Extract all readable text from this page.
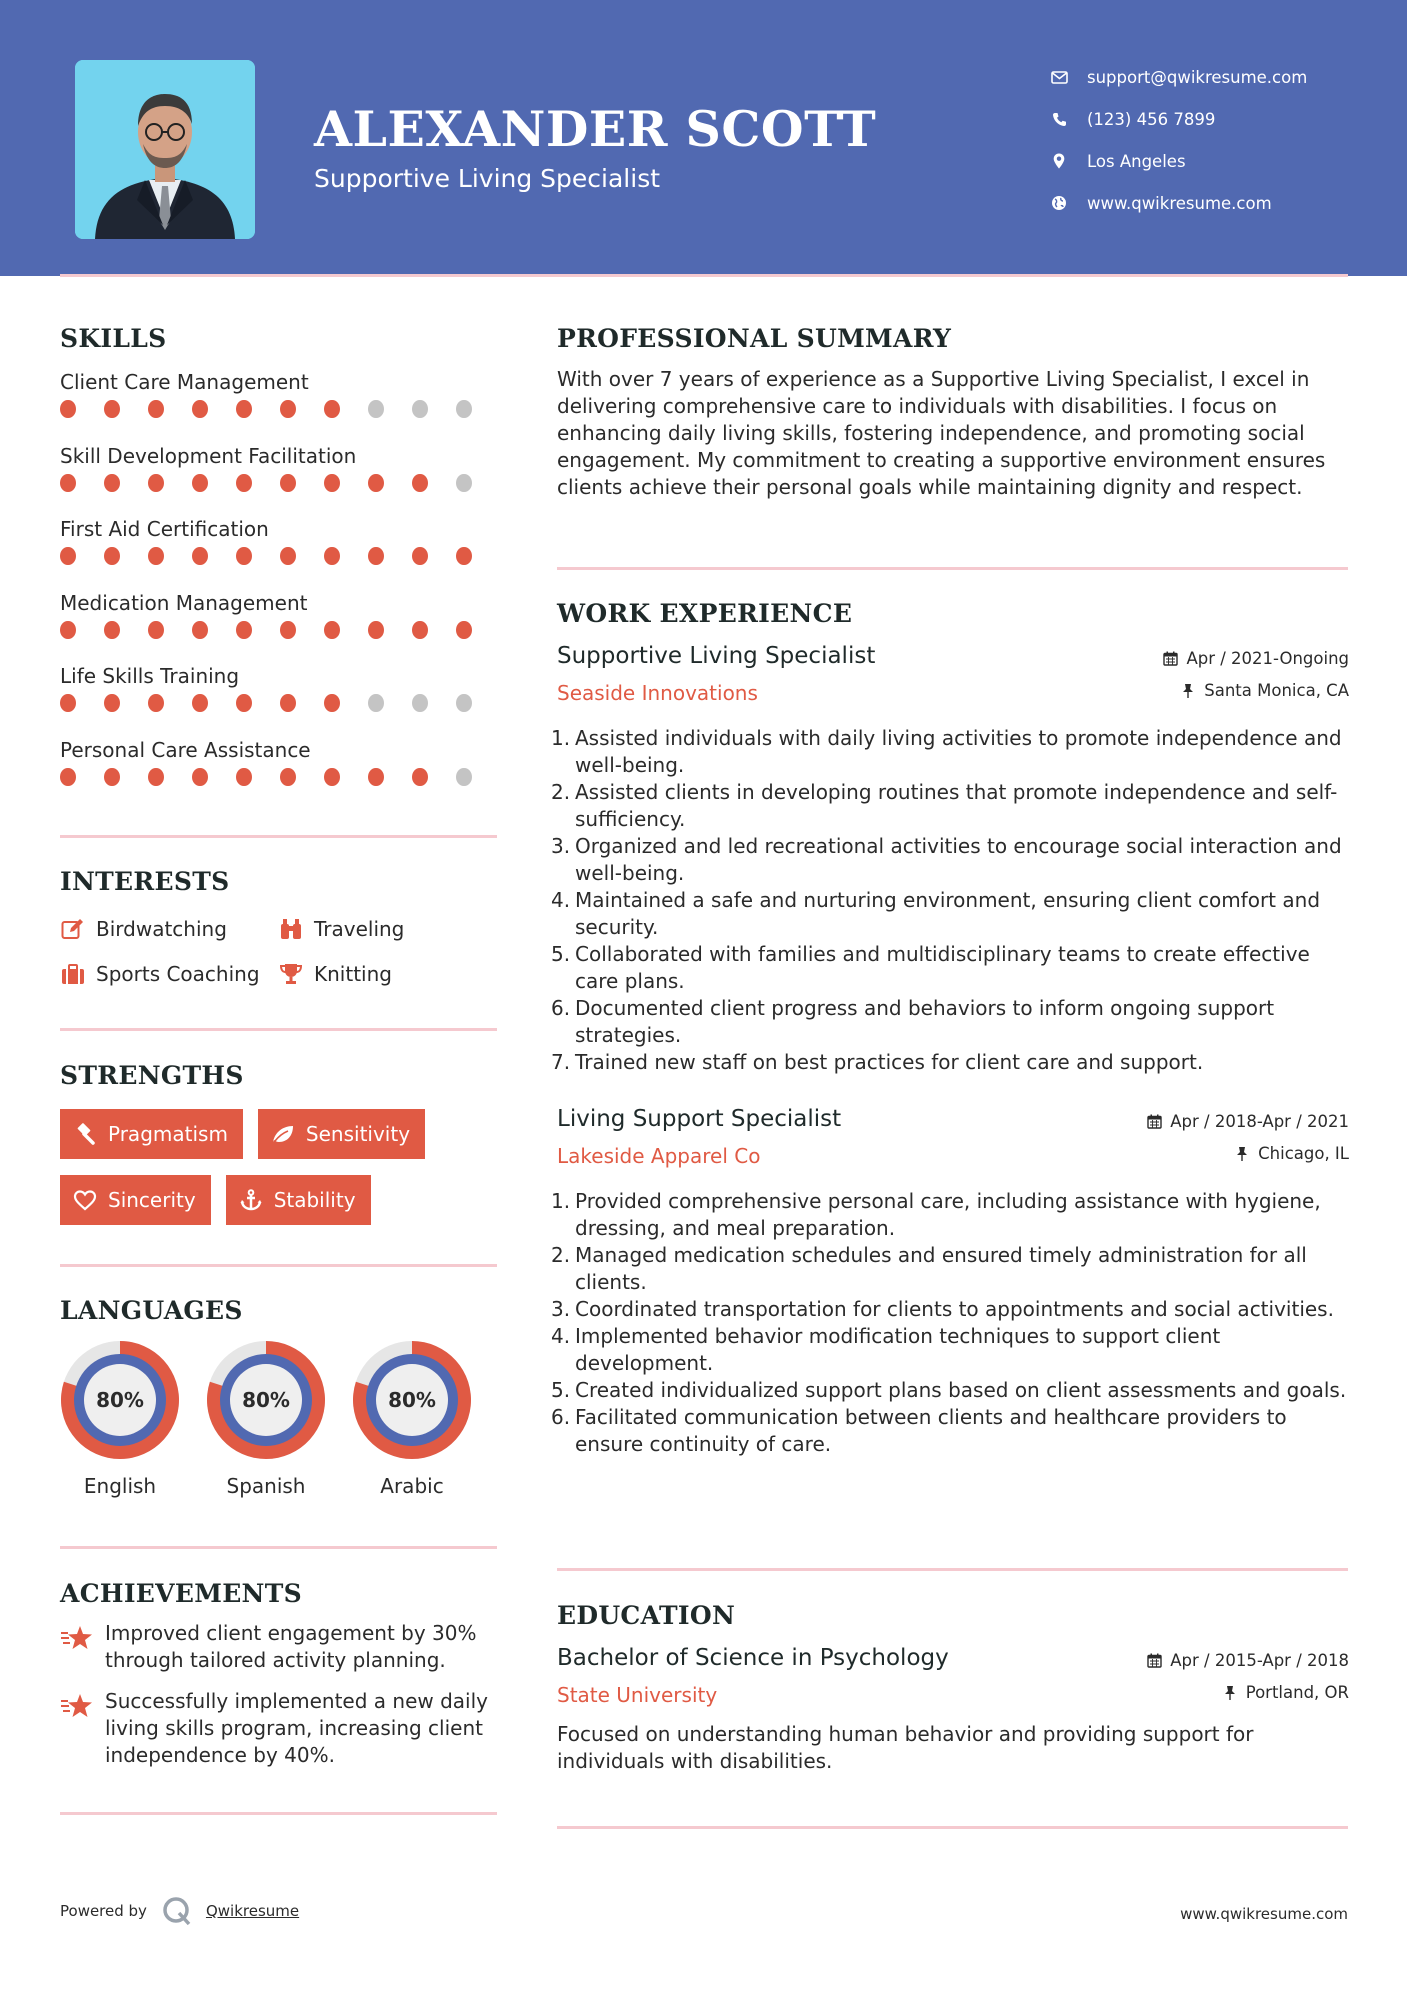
ALEXANDER SCOTT
Supportive Living Specialist
support@qwikresume.com
(123) 456 7899
Los Angeles
www.qwikresume.com
SKILLS
Client Care Management
Skill Development Facilitation
First Aid Certification
Medication Management
Life Skills Training
Personal Care Assistance
INTERESTS
Birdwatching	Traveling
Sports Coaching	Knitting
STRENGTHS
Pragmatism	Sensitivity
Sincerity	Stability
LANGUAGES
80%
English
80%
Spanish
80%
Arabic
ACHIEVEMENTS
Improved client engagement by 30% through tailored activity planning.
Successfully implemented a new daily living skills program, increasing client independence by 40%.
PROFESSIONAL SUMMARY
With over 7 years of experience as a Supportive Living Specialist, I excel in delivering comprehensive care to individuals with disabilities. I focus on enhancing daily living skills, fostering independence, and promoting social engagement. My commitment to creating a supportive environment ensures clients achieve their personal goals while maintaining dignity and respect.
WORK EXPERIENCE
Supportive Living Specialist
Seaside Innovations
Apr / 2021-Ongoing
Santa Monica, CA
1. Assisted individuals with daily living activities to promote independence and well-being.
2. Assisted clients in developing routines that promote independence and self-sufficiency.
3. Organized and led recreational activities to encourage social interaction and well-being.
4. Maintained a safe and nurturing environment, ensuring client comfort and security.
5. Collaborated with families and multidisciplinary teams to create effective care plans.
6. Documented client progress and behaviors to inform ongoing support strategies.
7. Trained new staff on best practices for client care and support.
Living Support Specialist
Lakeside Apparel Co
Apr / 2018-Apr / 2021
Chicago, IL
1. Provided comprehensive personal care, including assistance with hygiene, dressing, and meal preparation.
2. Managed medication schedules and ensured timely administration for all clients.
3. Coordinated transportation for clients to appointments and social activities.
4. Implemented behavior modification techniques to support client development.
5. Created individualized support plans based on client assessments and goals.
6. Facilitated communication between clients and healthcare providers to ensure continuity of care.
EDUCATION
Bachelor of Science in Psychology
State University
Apr / 2015-Apr / 2018
Portland, OR
Focused on understanding human behavior and providing support for individuals with disabilities.
Powered by	Qwikresume	www.qwikresume.com
